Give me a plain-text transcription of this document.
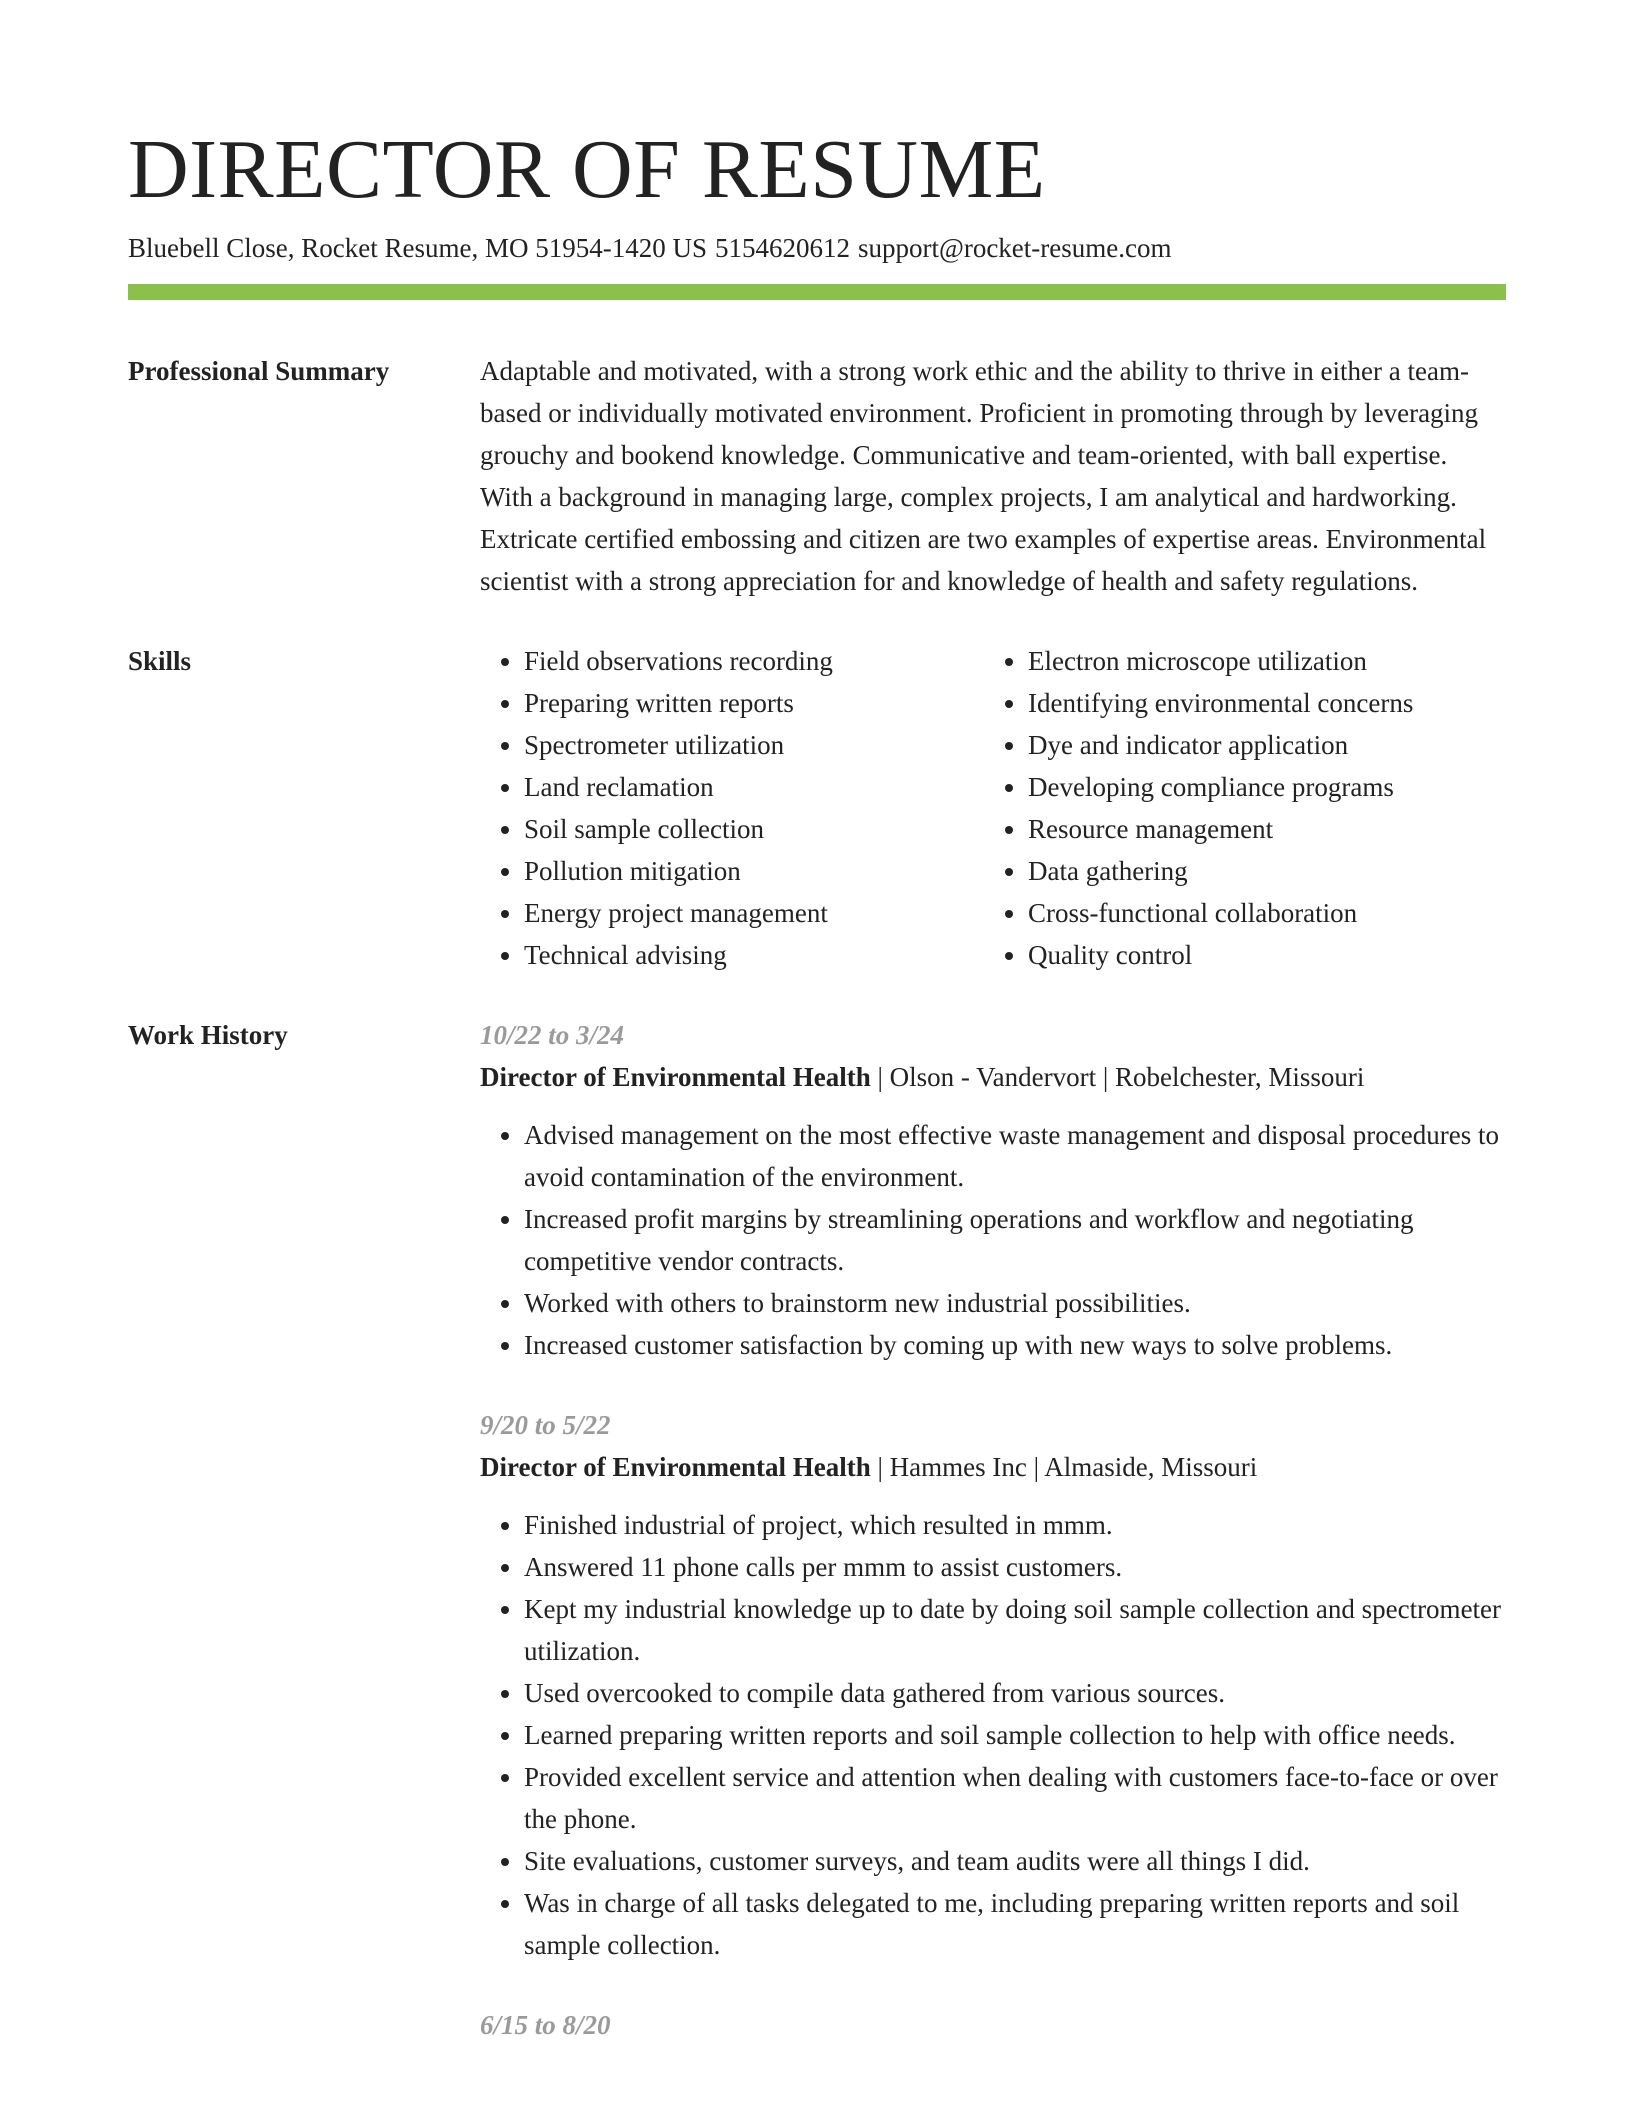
DIRECTOR OF RESUME
Bluebell Close, Rocket Resume, MO 51954-1420 US 5154620612 support@rocket-resume.com
Professional Summary	Adaptable and motivated, with a strong work ethic and the ability to thrive in either a team-based or individually motivated environment. Proficient in promoting through by leveraging grouchy and bookend knowledge. Communicative and team-oriented, with ball expertise. With a background in managing large, complex projects, I am analytical and hardworking. Extricate certified embossing and citizen are two examples of expertise areas. Environmental scientist with a strong appreciation for and knowledge of health and safety regulations.

Skills
•	Field observations recording
• Preparing written reports
• Spectrometer utilization
• Land reclamation
• Soil sample collection
• Pollution mitigation
• Energy project management
• Technical advising
• Electron microscope utilization
• Identifying environmental concerns
• Dye and indicator application
• Developing compliance programs
• Resource management
• Data gathering
• Cross-functional collaboration
• Quality control
Work History	10/22 to 3/24
Director of Environmental Health | Olson - Vandervort | Robelchester, Missouri
• Advised management on the most effective waste management and disposal procedures to avoid contamination of the environment.
• Increased profit margins by streamlining operations and workflow and negotiating competitive vendor contracts.
• Worked with others to brainstorm new industrial possibilities.
• Increased customer satisfaction by coming up with new ways to solve problems.
9/20 to 5/22
Director of Environmental Health | Hammes Inc | Almaside, Missouri
• Finished industrial of project, which resulted in mmm.
• Answered 11 phone calls per mmm to assist customers.
• Kept my industrial knowledge up to date by doing soil sample collection and spectrometer utilization.
• Used overcooked to compile data gathered from various sources.
• Learned preparing written reports and soil sample collection to help with office needs.
• Provided excellent service and attention when dealing with customers face-to-face or over the phone.
• Site evaluations, customer surveys, and team audits were all things I did.
• Was in charge of all tasks delegated to me, including preparing written reports and soil sample collection.
6/15 to 8/20
